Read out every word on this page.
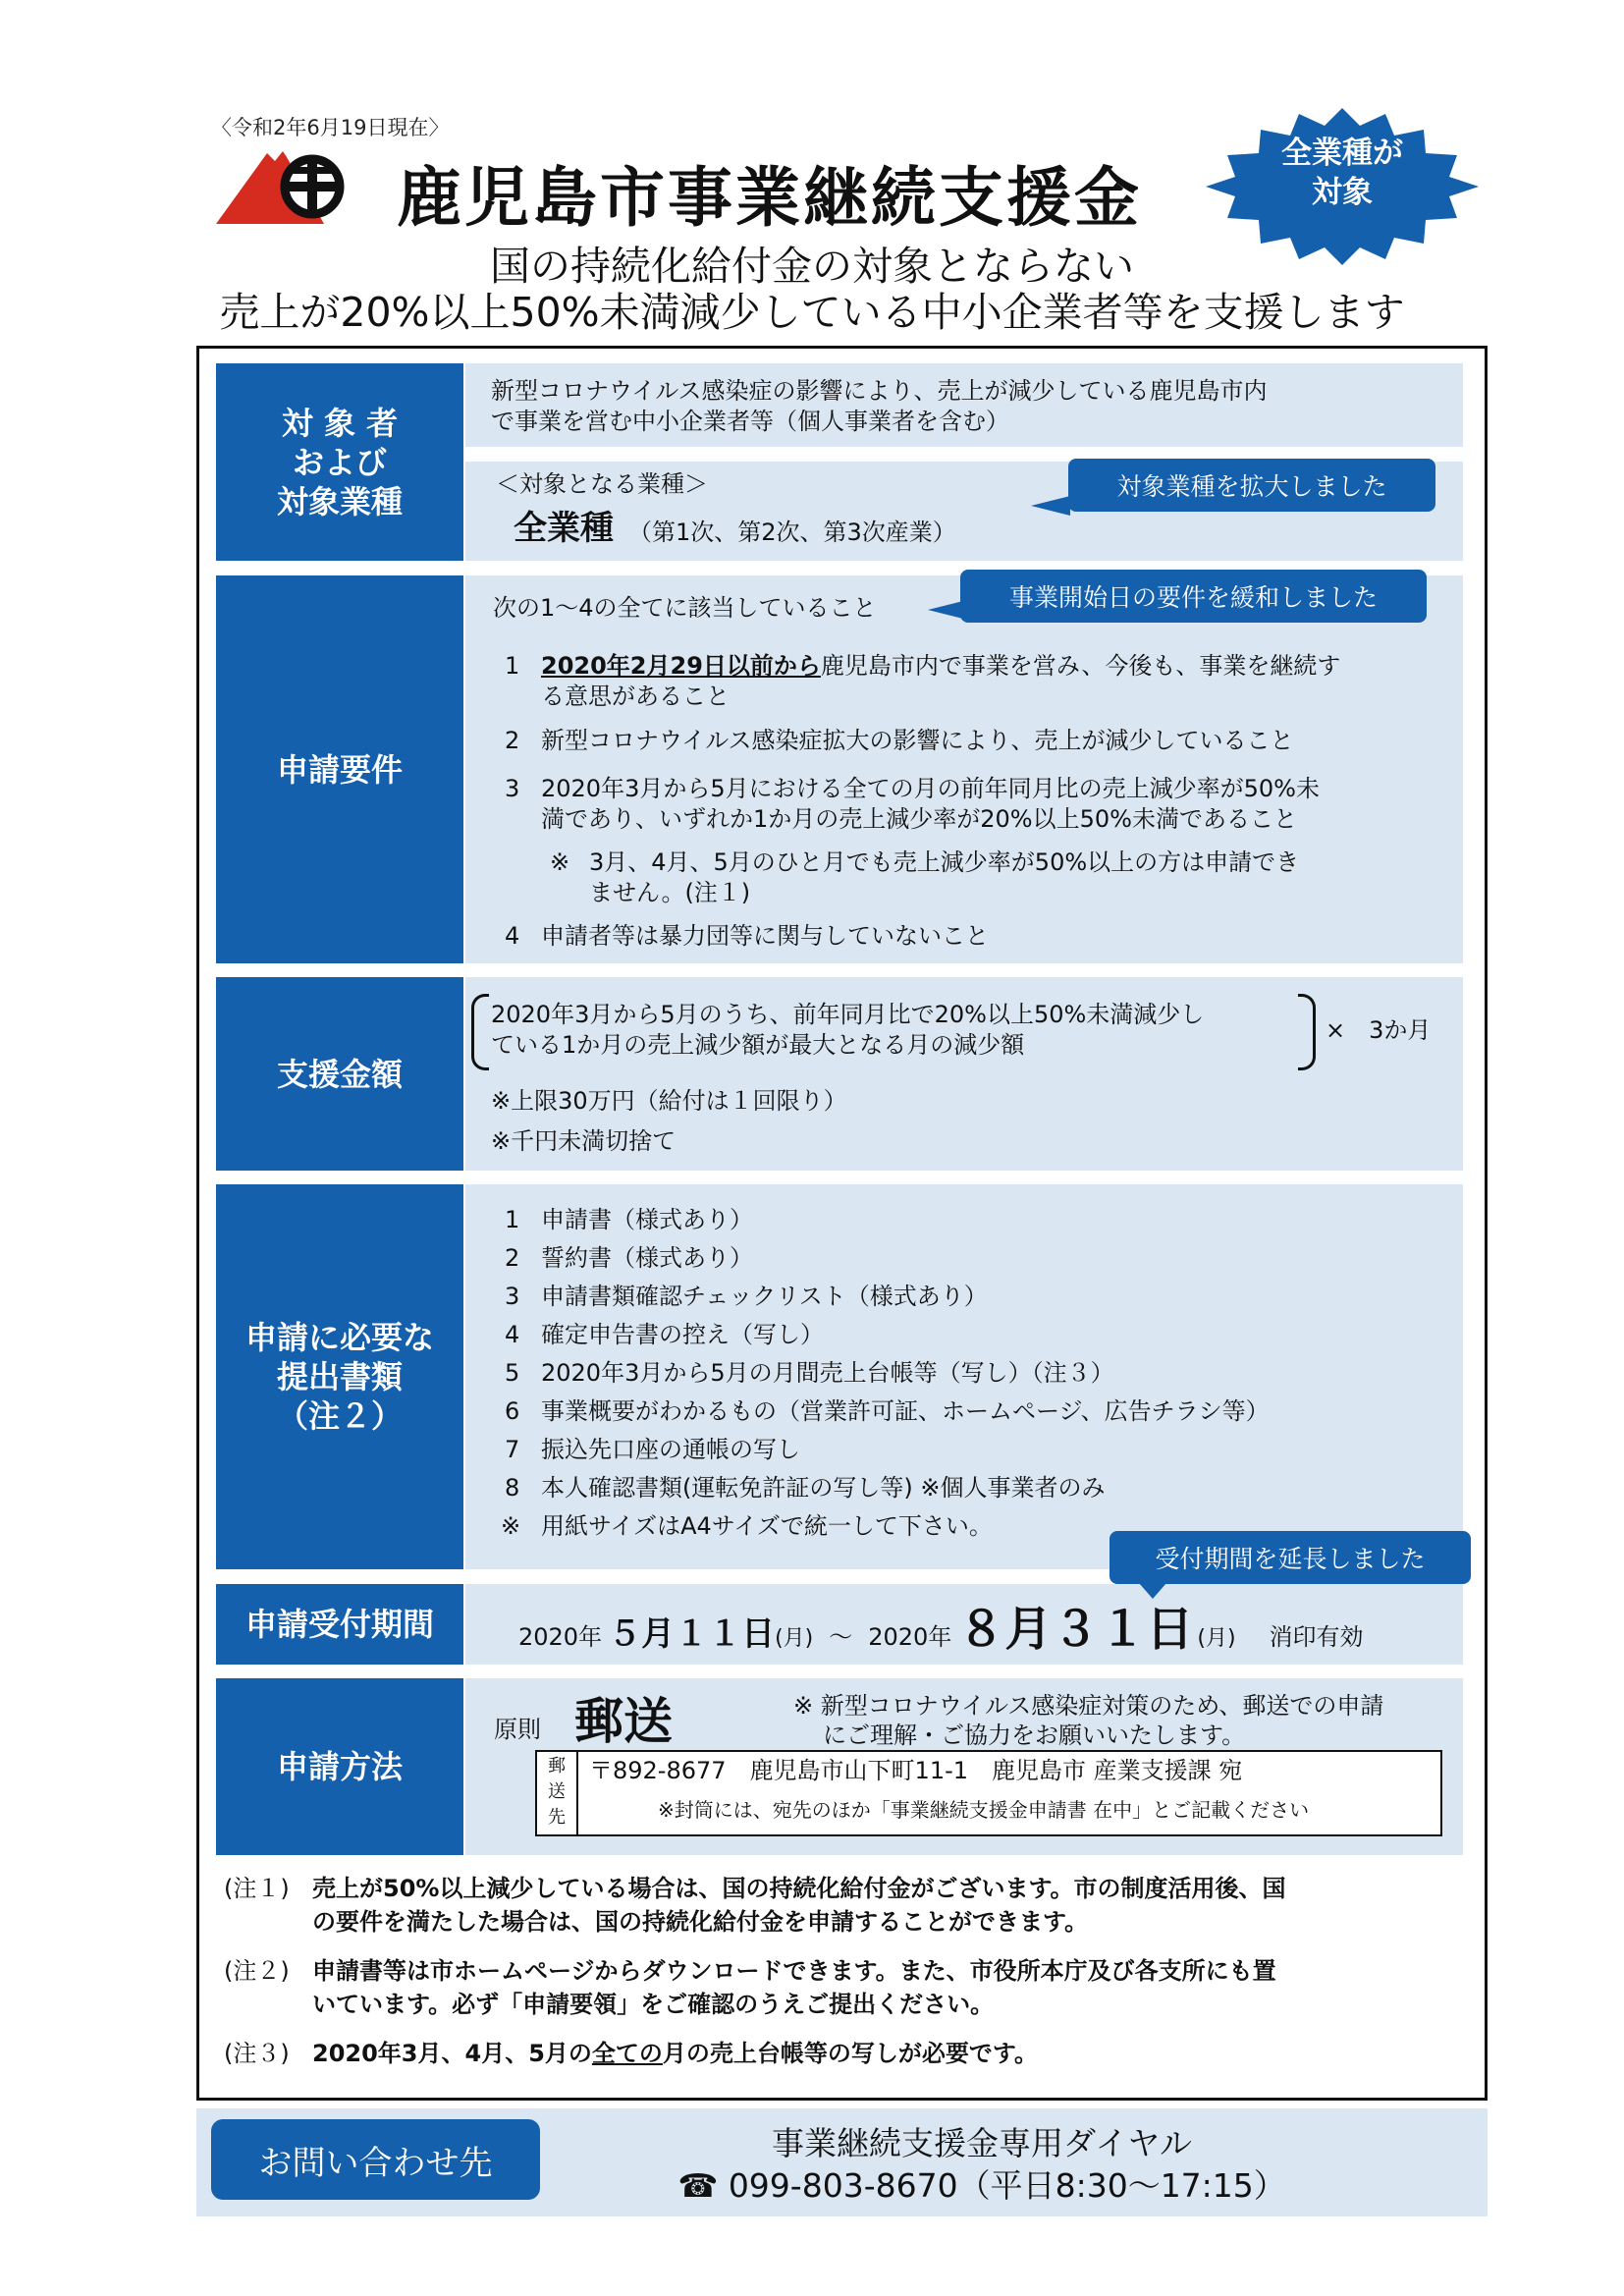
〈令和2年6月19日現在〉
鹿児島市事業継続支援金
全業種が
対象
国の持続化給付金の対象とならない
売上が20%以上50%未満減少している中小企業者等を支援します
対 象 者
および
対象業種
新型コロナウイルス感染症の影響により、売上が減少している鹿児島市内
で事業を営む中小企業者等（個人事業者を含む）
＜対象となる業種＞
全業種 （第1次、第2次、第3次産業）
対象業種を拡大しました
申請要件
次の1～4の全てに該当していること	事業開始日の要件を緩和しました
1 2020年2月29日以前から鹿児島市内で事業を営み、今後も、事業を継続す
る意思があること
2 新型コロナウイルス感染症拡大の影響により、売上が減少していること
3 2020年3月から5月における全ての月の前年同月比の売上減少率が50%未
満であり、いずれか1か月の売上減少率が20%以上50%未満であること
※ 3月、4月、5月のひと月でも売上減少率が50%以上の方は申請でき
ません。(注１)
4 申請者等は暴力団等に関与していないこと
支援金額
2020年3月から5月のうち、前年同月比で20%以上50%未満減少し
ている1か月の売上減少額が最大となる月の減少額
×　3か月
※上限30万円（給付は１回限り）
※千円未満切捨て
申請に必要な
提出書類
（注２）
1 申請書（様式あり）
2 誓約書（様式あり）
3 申請書類確認チェックリスト（様式あり）
4 確定申告書の控え（写し）
5 2020年3月から5月の月間売上台帳等（写し）（注３）
6 事業概要がわかるもの（営業許可証、ホームページ、広告チラシ等）
7 振込先口座の通帳の写し
8 本人確認書類(運転免許証の写し等) ※個人事業者のみ
※ 用紙サイズはA4サイズで統一して下さい。
申請受付期間
受付期間を延長しました
2020年 ５月 １１日 (月) ～ 2020年 ８月 ３１日 (月) 消印有効
申請方法
原則 郵送	※ 新型コロナウイルス感染症対策のため、郵送での申請
にご理解・ご協力をお願いいたします。
郵
送
先
〒892-8677　鹿児島市山下町11-1　鹿児島市 産業支援課 宛
※封筒には、宛先のほか「事業継続支援金申請書 在中」とご記載ください
(注１) 売上が50%以上減少している場合は、国の持続化給付金がございます。市の制度活用後、国
の要件を満たした場合は、国の持続化給付金を申請することができます。
(注２) 申請書等は市ホームページからダウンロードできます。また、市役所本庁及び各支所にも置
いています。必ず「申請要領」をご確認のうえご提出ください。
(注３) 2020年3月、4月、5月の全ての月の売上台帳等の写しが必要です。
お問い合わせ先	事業継続支援金専用ダイヤル
☎ 099-803-8670（平日8:30～17:15）
